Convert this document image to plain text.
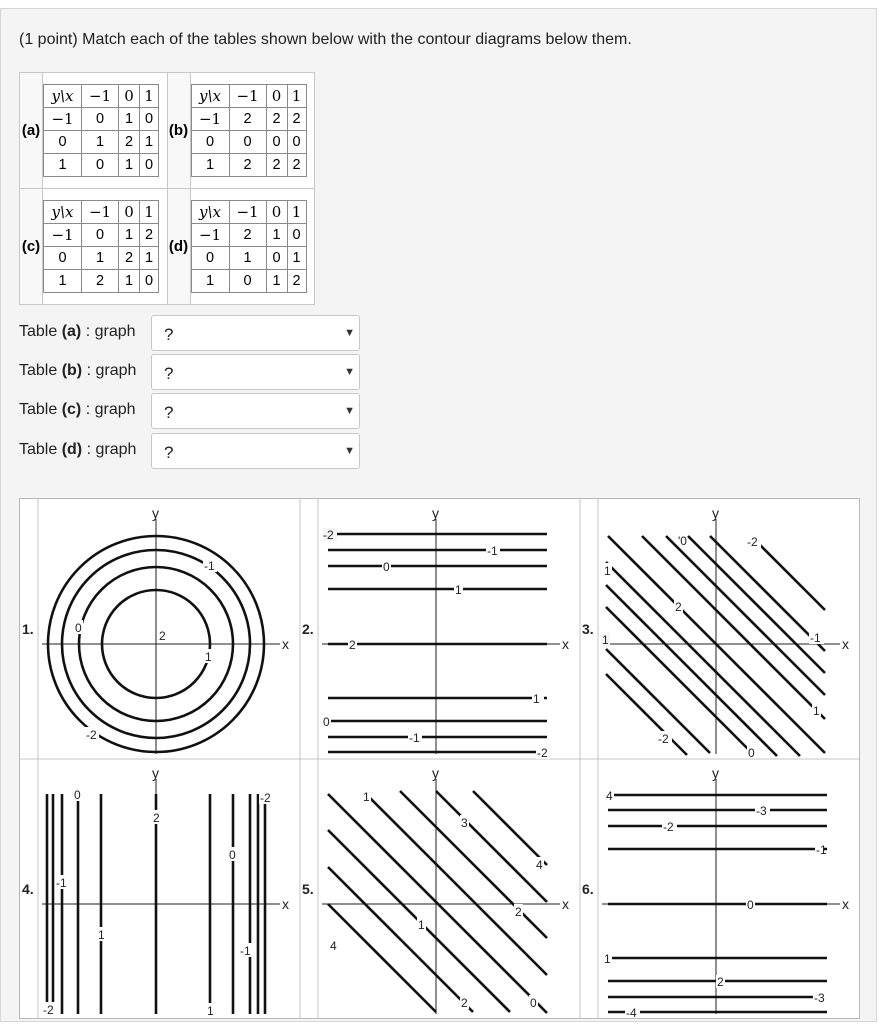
(1 point) Match each of the tables shown below with the contour diagrams below them.
(a)	
y\x	−1	0	1
−1	0	1	0
0	1	2	1
1	0	1	0
	(b)	
y\x	−1	0	1
−1	2	2	2
0	0	0	0
1	2	2	2

(c)	
y\x	−1	0	1
−1	0	1	2
0	1	2	1
1	2	1	0
	(d)	
y\x	−1	0	1
−1	2	1	0
0	1	0	1
1	0	1	2
Table (a) : graph ?	▼
Table (b) : graph ?	▼
Table (c) : graph ?	▼
Table (d) : graph ?	▼
1.	2.	3.
4.	5.	6.
x
y
x
y
x
y
x
y
x
y
x
y
0
-1
2
1
-2
-2
-1
0
1
2
1
0
-1
-2
'0	-2
1
2
1	-1
1
-2
0
0
-1
1
2
0
-1
-2
1
-2
1
3
4
1
2
4
2	0
4
-3
-2
-1
0
1
2
-3
-4
